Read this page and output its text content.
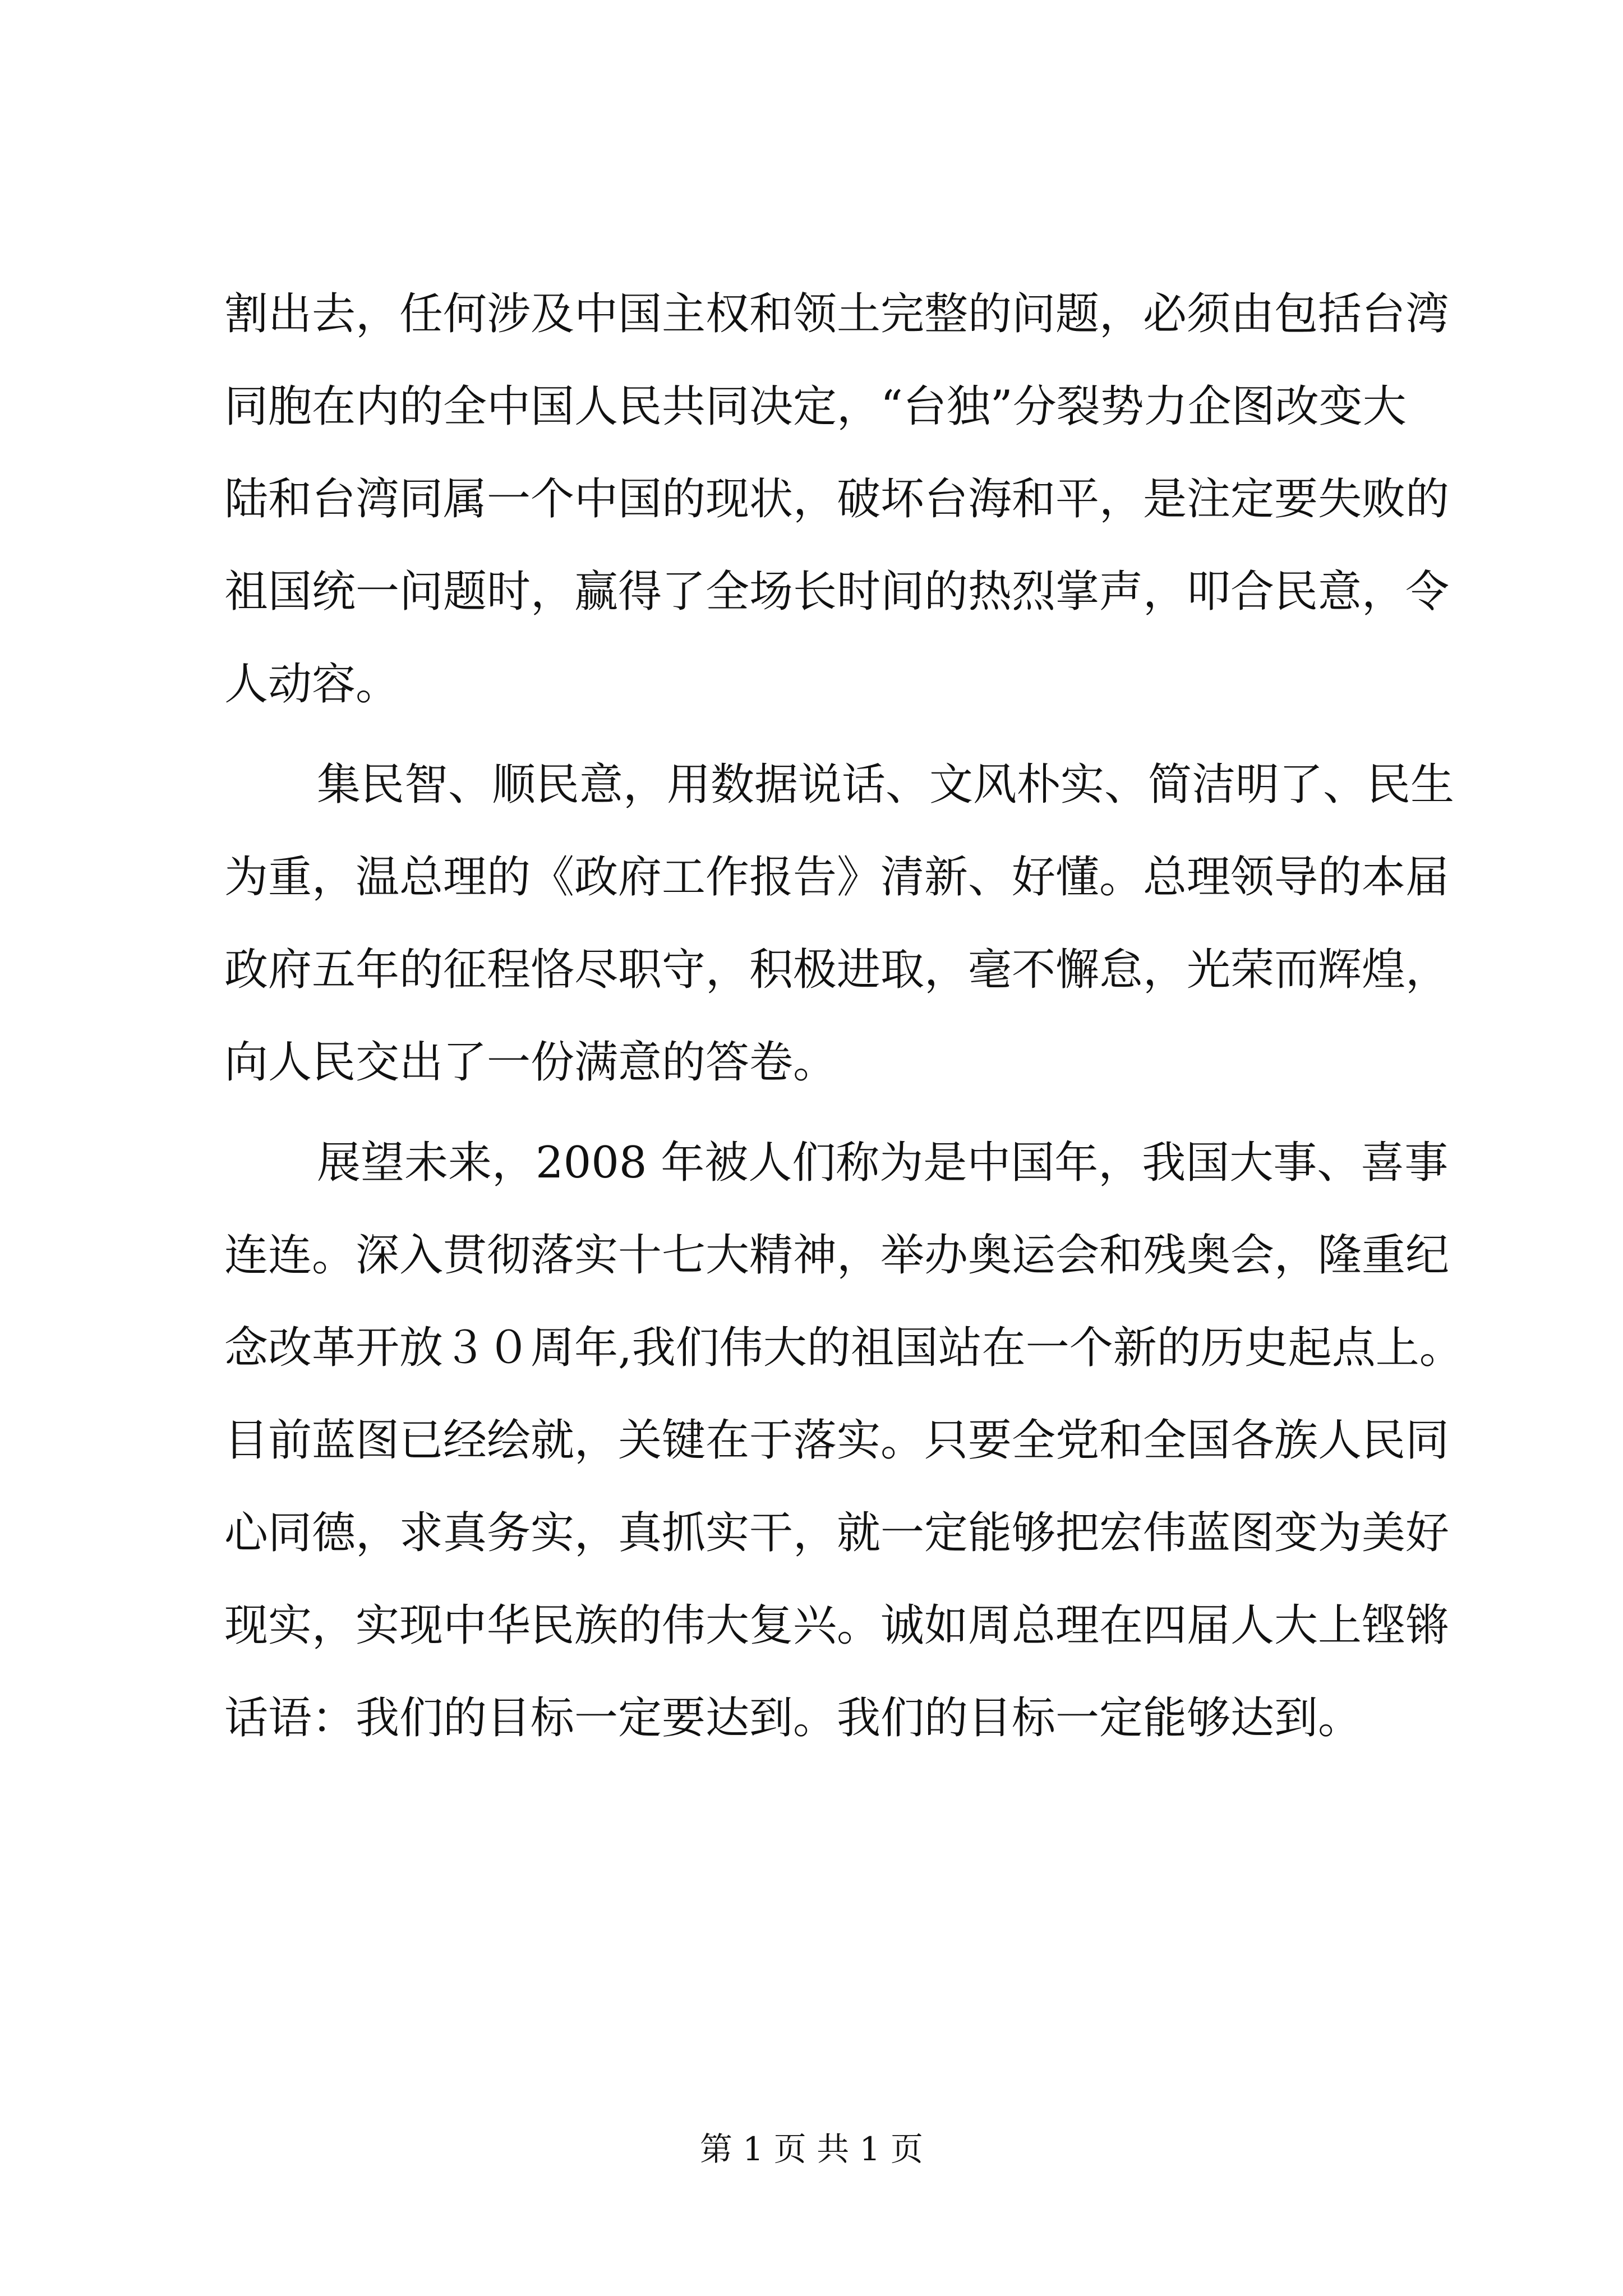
割出去，任何涉及中国主权和领土完整的问题，必须由包括台湾
同胞在内的全中国人民共同决定，“台独”分裂势力企图改变大
陆和台湾同属一个中国的现状，破坏台海和平，是注定要失败的
祖国统一问题时，赢得了全场长时间的热烈掌声，叩合民意，令
人动容。
集民智、顺民意，用数据说话、文风朴实、简洁明了、民生
为重，温总理的《政府工作报告》清新、好懂。总理领导的本届
政府五年的征程恪尽职守，积极进取，毫不懈怠，光荣而辉煌，
向人民交出了一份满意的答卷。
展望未来，2008 年被人们称为是中国年，我国大事、喜事
连连。深入贯彻落实十七大精神，举办奥运会和残奥会，隆重纪
念改革开放３０周年,我们伟大的祖国站在一个新的历史起点上。
目前蓝图已经绘就，关键在于落实。只要全党和全国各族人民同
心同德，求真务实，真抓实干，就一定能够把宏伟蓝图变为美好
现实，实现中华民族的伟大复兴。诚如周总理在四届人大上铿锵
话语：我们的目标一定要达到。我们的目标一定能够达到。
第 1 页 共 1 页
